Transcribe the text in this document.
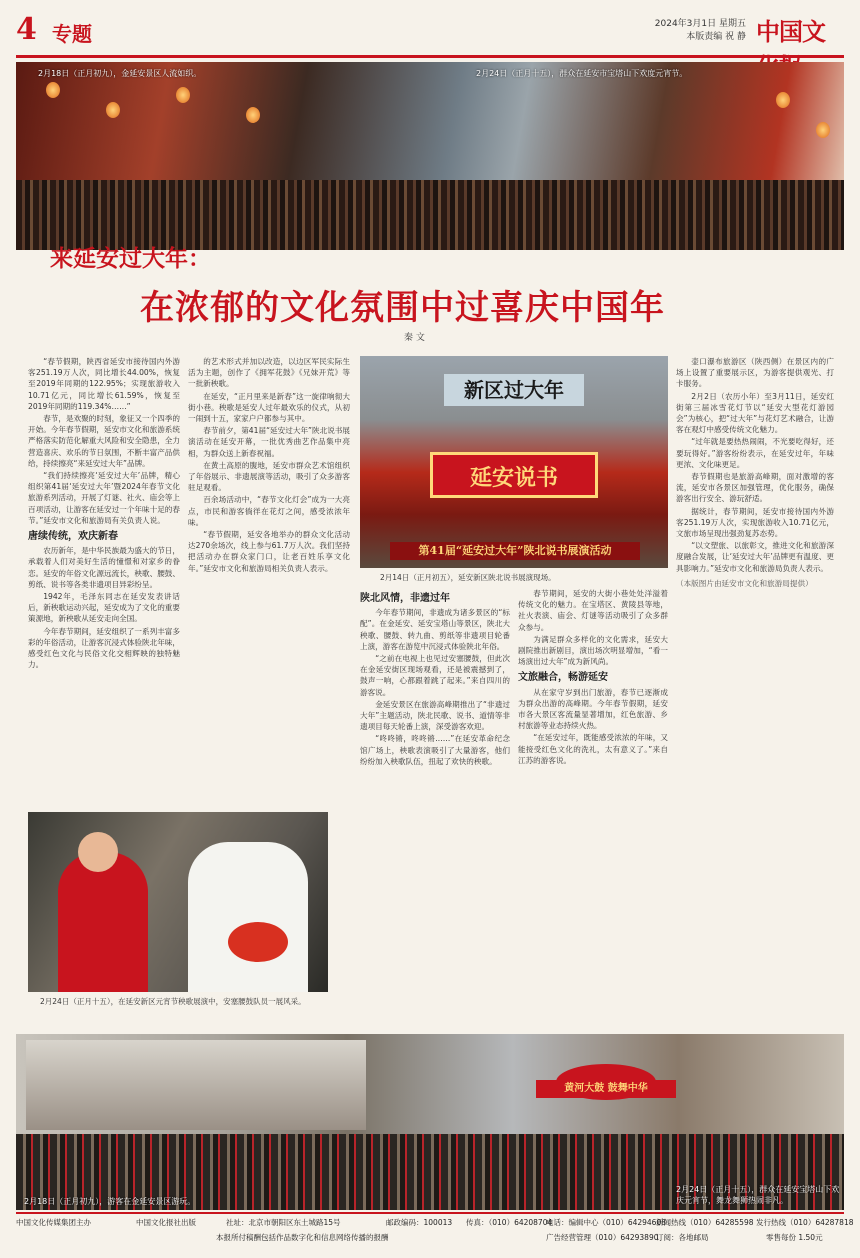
4 专题	2024年3月1日 星期五
本版责编 祝 静 中国文
2月18日（正月初九），金延安景区人流如织。	2月24日（正月十五），群众在延安市宝塔山下欢度元宵节。
来延安过大年：
在浓郁的文化氛围中过喜庆中国年
秦 文

“春节假期，陕西省延安市接待国内外游客251.19万人次，同比增长44.00%，恢复至2019年同期的122.95%；实现旅游收入10.71亿元，同比增长61.59%，恢复至2019年同期的119.34%……”

春节，是欢聚的时刻，象征又一个四季的开始。今年春节假期，延安市文化和旅游系统严格落实防范化解重大风险和安全隐患，全力营造喜庆、欢乐的节日氛围，不断丰富产品供给，持续擦亮“来延安过大年”品牌。

“我们持续擦亮‘延安过大年’品牌，精心组织第41届‘延安过大年’暨2024年春节文化旅游系列活动，开展了灯谜、社火、庙会等上百项活动，让游客在延安过一个年味十足的春节。”延安市文化和旅游局有关负责人说。

唐续传统，欢庆新春

农历新年，是中华民族最为盛大的节日，承载着人们对美好生活的憧憬和对家乡的眷恋。延安的年俗文化源远流长，秧歌、腰鼓、剪纸、说书等各类非遗项目异彩纷呈。

1942年，毛泽东同志在延安发表讲话后，新秧歌运动兴起，延安成为了文化的重要策源地，新秧歌从延安走向全国。

今年春节期间，延安组织了一系列丰富多彩的年俗活动，让游客沉浸式体验陕北年味，感受红色文化与民俗文化交相辉映的独特魅力。

的艺术形式并加以改造，以边区军民实际生活为主题，创作了《拥军花鼓》《兄妹开荒》等一批新秧歌。

在延安，“正月里来是新春”这一旋律响彻大街小巷。秧歌是延安人过年最欢乐的仪式，从初一闹到十五，家家户户都参与其中。

春节前夕，第41届“延安过大年”陕北说书展演活动在延安开幕，一批优秀曲艺作品集中亮相，为群众送上新春祝福。

在黄土高原的腹地，延安市群众艺术馆组织了年俗展示、非遗展演等活动，吸引了众多游客驻足观看。

百余场活动中，“春节文化灯会”成为一大亮点，市民和游客徜徉在花灯之间，感受浓浓年味。

“春节假期，延安各地举办的群众文化活动达270余场次，线上参与61.7万人次。我们坚持把活动办在群众家门口，让老百姓乐享文化年。”延安市文化和旅游局相关负责人表示。

新区过大年
延安说书
第41届“延安过大年”陕北说书展演活动
2月14日（正月初五），延安新区陕北说书展演现场。
陕北风情，非遗过年

今年春节期间，非遗成为诸多景区的“标配”。在金延安、延安宝塔山等景区，陕北大秧歌、腰鼓、转九曲、剪纸等非遗项目轮番上演，游客在游览中沉浸式体验陕北年俗。

“之前在电视上也见过安塞腰鼓，但此次在金延安街区现场观看，还是被震撼到了，鼓声一响，心都跟着跳了起来。”来自四川的游客说。

金延安景区在旅游高峰期推出了“非遗过大年”主题活动，陕北民歌、说书、道情等非遗项目每天轮番上演，深受游客欢迎。

“咚咚锵，咚咚锵……”在延安革命纪念馆广场上，秧歌表演吸引了大量游客，他们纷纷加入秧歌队伍，扭起了欢快的秧歌。

春节期间，延安的大街小巷处处洋溢着传统文化的魅力。在宝塔区、黄陵县等地，社火表演、庙会、灯谜等活动吸引了众多群众参与。

为满足群众多样化的文化需求，延安大剧院推出新剧目，演出场次明显增加，“看一场演出过大年”成为新风尚。

文旅融合，畅游延安

从在家守岁到出门旅游，春节已逐渐成为群众出游的高峰期。今年春节假期，延安市各大景区客流量显著增加，红色旅游、乡村旅游等业态持续火热。

“在延安过年，既能感受浓浓的年味，又能接受红色文化的洗礼，太有意义了。”来自江苏的游客说。

壶口瀑布旅游区（陕西侧）在景区内的广场上设置了重要展示区，为游客提供观光、打卡服务。

2月2日（农历小年）至3月11日，延安红街第三届冰雪花灯节以“延安大型花灯游园会”为核心，把“过大年”与花灯艺术融合，让游客在观灯中感受传统文化魅力。

“过年就是要热热闹闹，不光要吃得好，还要玩得好。”游客纷纷表示，在延安过年，年味更浓、文化味更足。

春节假期也是旅游高峰期，面对激增的客流，延安市各景区加强管理，优化服务，确保游客出行安全、游玩舒适。

据统计，春节期间，延安市接待国内外游客251.19万人次，实现旅游收入10.71亿元，文旅市场呈现出强劲复苏态势。

“以文塑旅、以旅彰文，推进文化和旅游深度融合发展，让‘延安过大年’品牌更有温度、更具影响力。”延安市文化和旅游局负责人表示。

（本版图片由延安市文化和旅游局提供）

2月24日（正月十五），在延安新区元宵节秧歌展演中，安塞腰鼓队员一展风采。
黄河大鼓 鼓舞中华
2月18日（正月初九），游客在金延安景区游玩。
2月24日（正月十五），群众在延安宝塔山下欢庆元宵节，舞龙舞狮热闹非凡。
中国文化传媒集团主办	中国文化报社出版	社址：北京市朝阳区东土城路15号	邮政编码：100013 传真：（010）64208704
电话：编辑中心（010）64294608
新闻热线（010）64285598 发行热线（010）64287818
本报所付稿酬包括作品数字化和信息网络传播的报酬	广告经营管理（010）64293890
订阅：各地邮局	零售每份 1.50元
